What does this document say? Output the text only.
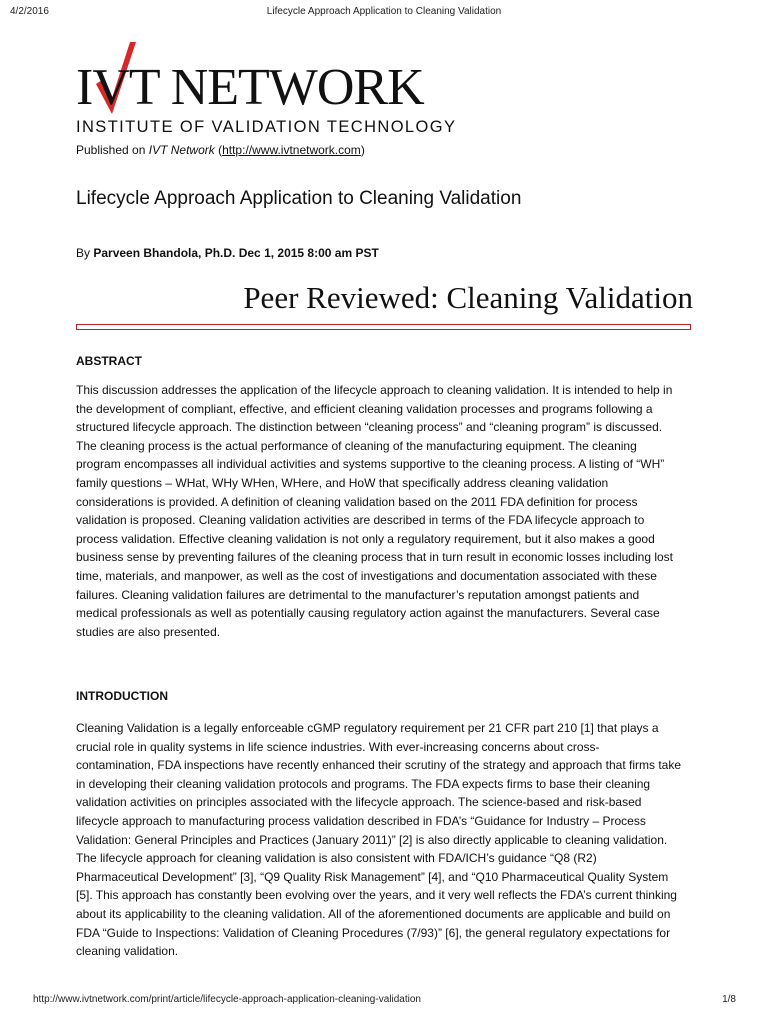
4/2/2016	Lifecycle Approach Application to Cleaning Validation
IVT NETWORK
INSTITUTE OF VALIDATION TECHNOLOGY
Published on IVT Network (http://www.ivtnetwork.com)
Lifecycle Approach Application to Cleaning Validation
By Parveen Bhandola, Ph.D. Dec 1, 2015 8:00 am PST
Peer Reviewed: Cleaning Validation
ABSTRACT

This discussion addresses the application of the lifecycle approach to cleaning validation. It is intended to help in
the development of compliant, effective, and efficient cleaning validation processes and programs following a
structured lifecycle approach. The distinction between “cleaning process” and “cleaning program” is discussed.
The cleaning process is the actual performance of cleaning of the manufacturing equipment. The cleaning
program encompasses all individual activities and systems supportive to the cleaning process. A listing of “WH”
family questions – WHat, WHy WHen, WHere, and HoW that specifically address cleaning validation
considerations is provided. A definition of cleaning validation based on the 2011 FDA definition for process
validation is proposed. Cleaning validation activities are described in terms of the FDA lifecycle approach to
process validation. Effective cleaning validation is not only a regulatory requirement, but it also makes a good
business sense by preventing failures of the cleaning process that in turn result in economic losses including lost
time, materials, and manpower, as well as the cost of investigations and documentation associated with these
failures. Cleaning validation failures are detrimental to the manufacturer’s reputation amongst patients and
medical professionals as well as potentially causing regulatory action against the manufacturers. Several case
studies are also presented.

INTRODUCTION

Cleaning Validation is a legally enforceable cGMP regulatory requirement per 21 CFR part 210 [1] that plays a
crucial role in quality systems in life science industries. With ever-increasing concerns about cross-
contamination, FDA inspections have recently enhanced their scrutiny of the strategy and approach that firms take
in developing their cleaning validation protocols and programs. The FDA expects firms to base their cleaning
validation activities on principles associated with the lifecycle approach. The science-based and risk-based
lifecycle approach to manufacturing process validation described in FDA’s “Guidance for Industry – Process
Validation: General Principles and Practices (January 2011)” [2] is also directly applicable to cleaning validation.
The lifecycle approach for cleaning validation is also consistent with FDA/ICH’s guidance “Q8 (R2)
Pharmaceutical Development” [3], “Q9 Quality Risk Management” [4], and “Q10 Pharmaceutical Quality System
[5]. This approach has constantly been evolving over the years, and it very well reflects the FDA’s current thinking
about its applicability to the cleaning validation. All of the aforementioned documents are applicable and build on
FDA “Guide to Inspections: Validation of Cleaning Procedures (7/93)” [6], the general regulatory expectations for
cleaning validation.

http://www.ivtnetwork.com/print/article/lifecycle-approach-application-cleaning-validation	1/8
